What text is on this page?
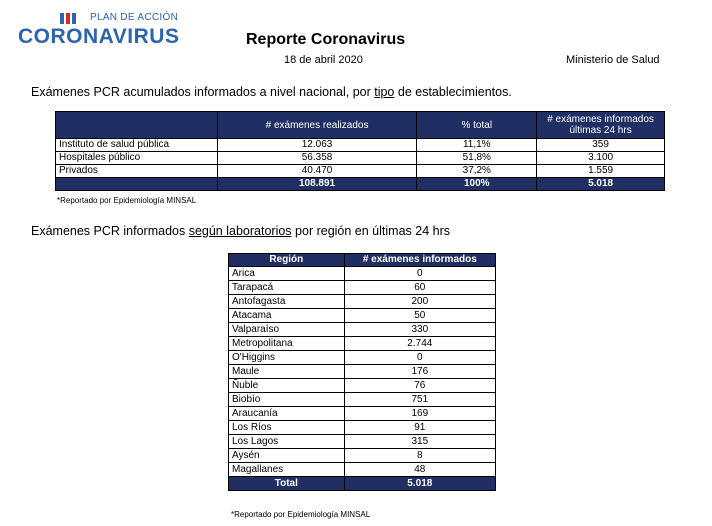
PLAN DE ACCIÓN
CORONAVIRUS	Reporte Coronavirus
18 de abril 2020	Ministerio de Salud
Exámenes PCR acumulados informados a nivel nacional, por tipo de establecimientos.
	# exámenes realizados	% total	# exámenes informados últimas 24 hrs
Instituto de salud pública	12.063	11,1%	359
Hospitales público	56.358	51,8%	3.100
Privados	40.470	37,2%	1.559
	108.891	100%	5.018
*Reportado por Epidemiología MINSAL
Exámenes PCR informados según laboratorios por región en últimas 24 hrs
Región	# exámenes informados
Arica	0
Tarapacá	60
Antofagasta	200
Atacama	50
Valparaíso	330
Metropolitana	2.744
O'Higgins	0
Maule	176
Ñuble	76
Biobío	751
Araucanía	169
Los Ríos	91
Los Lagos	315
Aysén	8
Magallanes	48
Total	5.018
*Reportado por Epidemiología MINSAL
